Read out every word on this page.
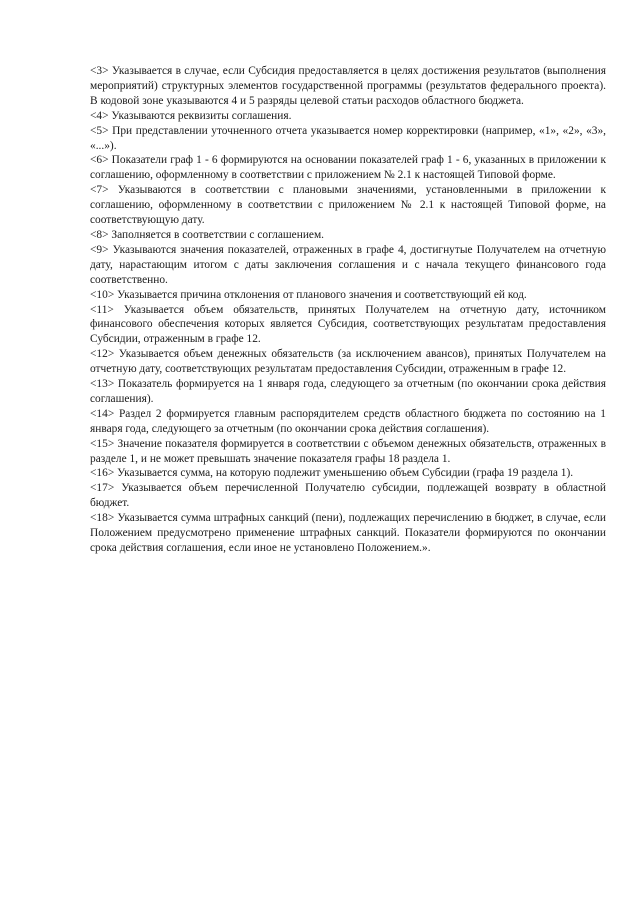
<3> Указывается в случае, если Субсидия предоставляется в целях достижения результатов (выполнения мероприятий) структурных элементов государственной программы (результатов федерального проекта). В кодовой зоне указываются 4 и 5 разряды целевой статьи расходов областного бюджета.

<4> Указываются реквизиты соглашения.

<5> При представлении уточненного отчета указывается номер корректировки (например, «1», «2», «3», «...»).

<6> Показатели граф 1 - 6 формируются на основании показателей граф 1 - 6, указанных в приложении к соглашению, оформленному в соответствии с приложением № 2.1 к настоящей Типовой форме.

<7> Указываются в соответствии с плановыми значениями, установленными в приложении к соглашению, оформленному в соответствии с приложением № 2.1 к настоящей Типовой форме, на соответствующую дату.

<8> Заполняется в соответствии с соглашением.

<9> Указываются значения показателей, отраженных в графе 4, достигнутые Получателем на отчетную дату, нарастающим итогом с даты заключения соглашения и с начала текущего финансового года соответственно.

<10> Указывается причина отклонения от планового значения и соответствующий ей код.

<11> Указывается объем обязательств, принятых Получателем на отчетную дату, источником финансового обеспечения которых является Субсидия, соответствующих результатам предоставления Субсидии, отраженным в графе 12.

<12> Указывается объем денежных обязательств (за исключением авансов), принятых Получателем на отчетную дату, соответствующих результатам предоставления Субсидии, отраженным в графе 12.

<13> Показатель формируется на 1 января года, следующего за отчетным (по окончании срока действия соглашения).

<14> Раздел 2 формируется главным распорядителем средств областного бюджета по состоянию на 1 января года, следующего за отчетным (по окончании срока действия соглашения).

<15> Значение показателя формируется в соответствии с объемом денежных обязательств, отраженных в разделе 1, и не может превышать значение показателя графы 18 раздела 1.

<16> Указывается сумма, на которую подлежит уменьшению объем Субсидии (графа 19 раздела 1).

<17> Указывается объем перечисленной Получателю субсидии, подлежащей возврату в областной бюджет.

<18> Указывается сумма штрафных санкций (пени), подлежащих перечислению в бюджет, в случае, если Положением предусмотрено применение штрафных санкций. Показатели формируются по окончании срока действия соглашения, если иное не установлено Положением.».
